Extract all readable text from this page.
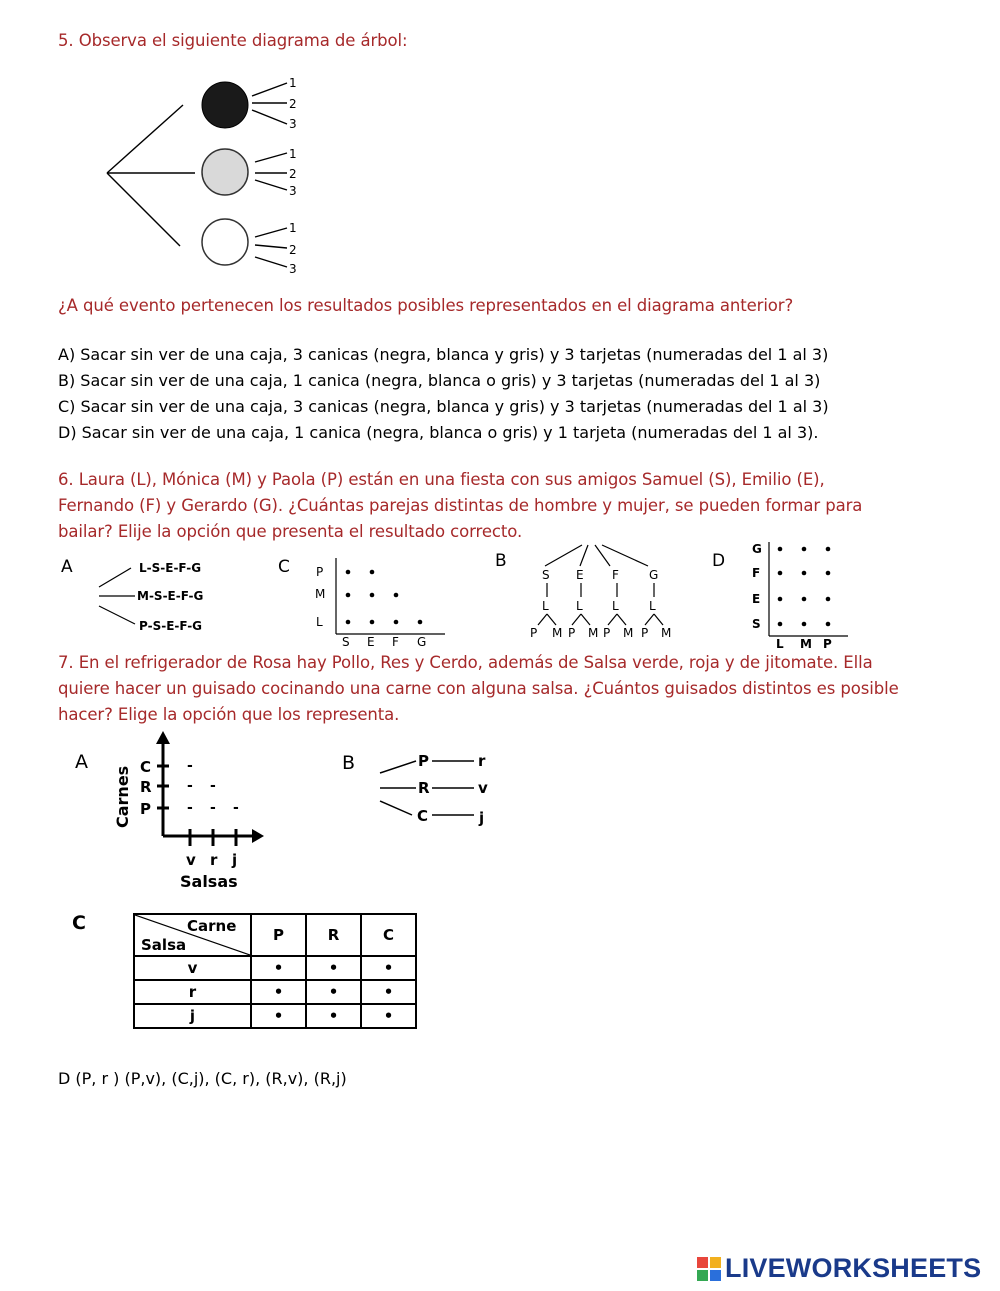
5. Observa el siguiente diagrama de árbol:
1
2
3
1
2
3
1
2
3
¿A qué evento pertenecen los resultados posibles representados en el diagrama anterior?
A) Sacar sin ver de una caja, 3 canicas (negra, blanca y gris) y 3 tarjetas (numeradas del 1 al 3)
B) Sacar sin ver de una caja, 1 canica (negra, blanca o gris) y 3 tarjetas (numeradas del 1 al 3)
C) Sacar sin ver de una caja, 3 canicas (negra, blanca y gris) y 3 tarjetas (numeradas del 1 al 3)
D) Sacar sin ver de una caja, 1 canica (negra, blanca o gris) y 1 tarjeta (numeradas del 1 al 3).
6. Laura (L), Mónica (M) y Paola (P) están en una fiesta con sus amigos Samuel (S), Emilio (E),
Fernando (F) y Gerardo (G). ¿Cuántas parejas distintas de hombre y mujer, se pueden formar para
bailar? Elije la opción que presenta el resultado correcto.
A	L-S-E-F-G
M-S-E-F-G
P-S-E-F-G
C P
M
L
S E F G
B
S E F	G
L L L	L
P M P M P M P M
D
G
F
E
S
L M P
7. En el refrigerador de Rosa hay Pollo, Res y Cerdo, además de Salsa verde, roja y de jitomate. Ella
quiere hacer un guisado cocinando una carne con alguna salsa. ¿Cuántos guisados distintos es posible
hacer? Elige la opción que los representa.
A	C
R
P
v r j
Salsas
Carnes	-
- -
- - -
B	P
R
C
r
v
j
C	Carne
Salsa	P	R	C
v	•	•	•
r	•	•	•
j	•	•	•
D (P, r ) (P,v), (C,j), (C, r), (R,v), (R,j)
LIVEWORKSHEETS
